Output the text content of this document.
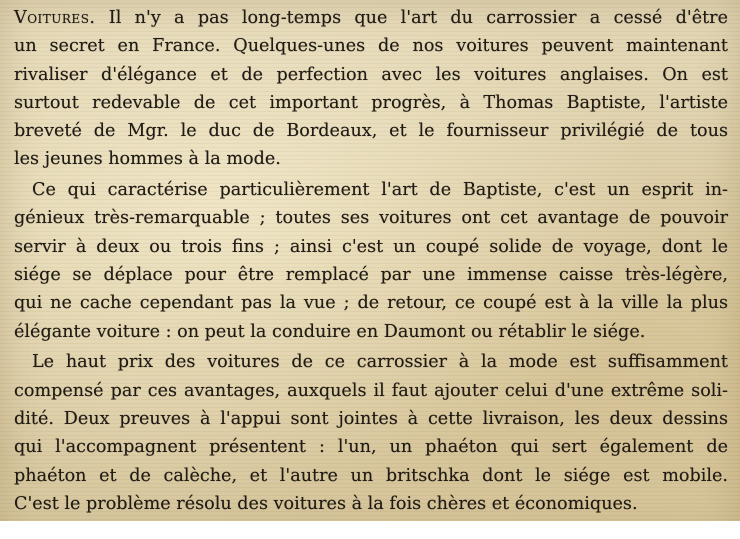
Voitures. Il n'y a pas long-temps que l'art du carrossier a cessé d'être
un secret en France. Quelques-unes de nos voitures peuvent maintenant
rivaliser d'élégance et de perfection avec les voitures anglaises. On est
surtout redevable de cet important progrès, à Thomas Baptiste, l'artiste
breveté de Mgr. le duc de Bordeaux, et le fournisseur privilégié de tous
les jeunes hommes à la mode.
Ce qui caractérise particulièrement l'art de Baptiste, c'est un esprit in-
génieux très-remarquable ; toutes ses voitures ont cet avantage de pouvoir
servir à deux ou trois fins ; ainsi c'est un coupé solide de voyage, dont le
siége se déplace pour être remplacé par une immense caisse très-légère,
qui ne cache cependant pas la vue ; de retour, ce coupé est à la ville la plus
élégante voiture : on peut la conduire en Daumont ou rétablir le siége.
Le haut prix des voitures de ce carrossier à la mode est suffisamment
compensé par ces avantages, auxquels il faut ajouter celui d'une extrême soli-
dité. Deux preuves à l'appui sont jointes à cette livraison, les deux dessins
qui l'accompagnent présentent : l'un, un phaéton qui sert également de
phaéton et de calèche, et l'autre un britschka dont le siége est mobile.
C'est le problème résolu des voitures à la fois chères et économiques.
